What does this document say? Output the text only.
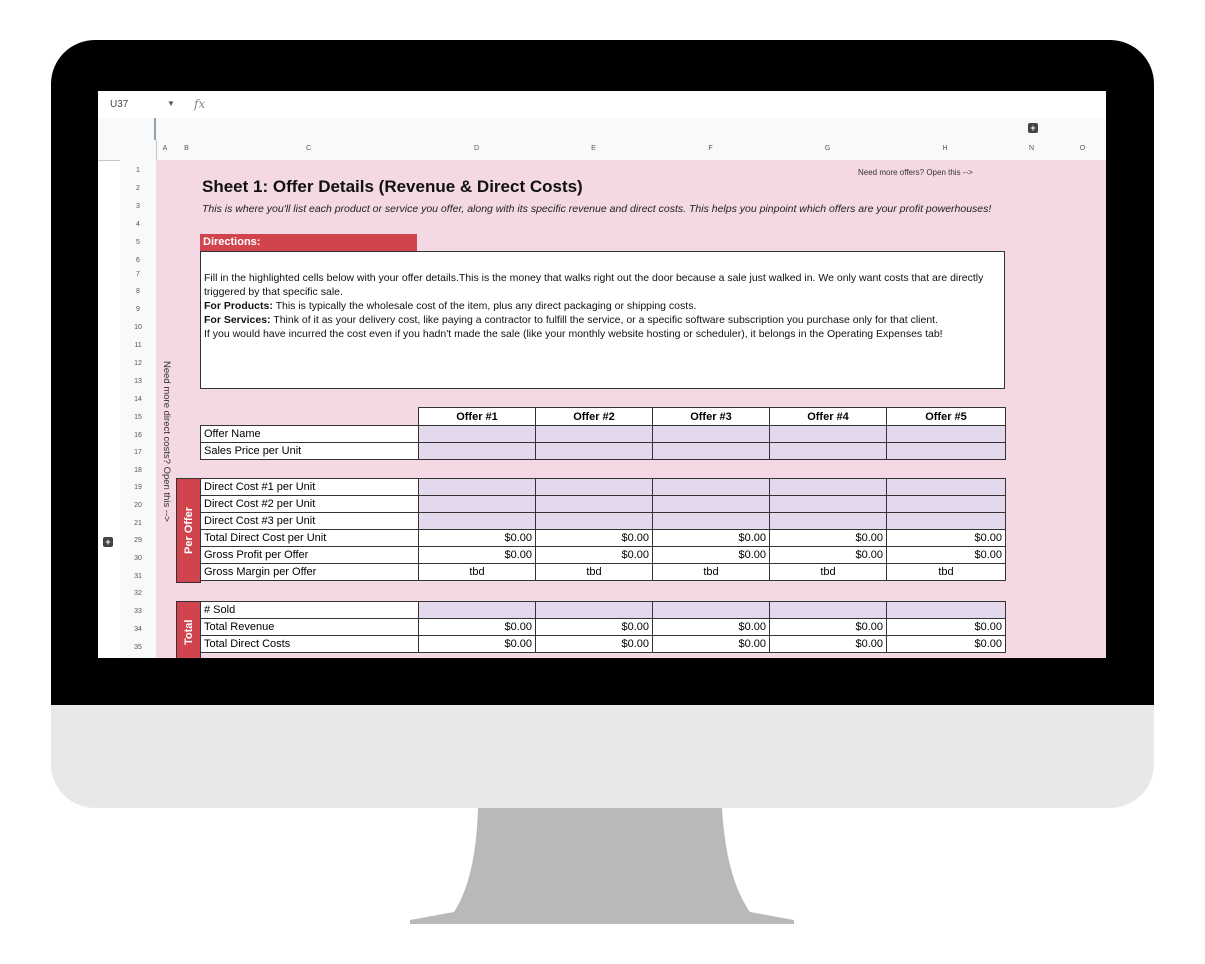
U37	▼ fx
+
A	B	C	D	E	F	G	H	N	O
+
1
2
3
4
5
6
7
8
9
10
11
12
13
14
15
16
17
18
19
20
21
29
30
31
32
33
34
35
Need more offers? Open this -->
Need more direct costs? Open this -->
Sheet 1: Offer Details (Revenue & Direct Costs)
This is where you'll list each product or service you offer, along with its specific revenue and direct costs. This helps you pinpoint which offers are your profit powerhouses!
Directions:

Fill in the highlighted cells below with your offer details.This is the money that walks right out the door because a sale just walked in. We only want costs that are directly triggered by that specific sale.

For Products: This is typically the wholesale cost of the item, plus any direct packaging or shipping costs.

For Services: Think of it as your delivery cost, like paying a contractor to fulfill the service, or a specific software subscription you purchase only for that client.

If you would have incurred the cost even if you hadn't made the sale (like your monthly website hosting or scheduler), it belongs in the Operating Expenses tab!

	Offer #1	Offer #2	Offer #3	Offer #4	Offer #5
Offer Name					
Sales Price per Unit					
Per Offer
Direct Cost #1 per Unit					
Direct Cost #2 per Unit					
Direct Cost #3 per Unit					
Total Direct Cost per Unit	$0.00	$0.00	$0.00	$0.00	$0.00
Gross Profit per Offer	$0.00	$0.00	$0.00	$0.00	$0.00
Gross Margin per Offer	tbd	tbd	tbd	tbd	tbd
Total
# Sold					
Total Revenue	$0.00	$0.00	$0.00	$0.00	$0.00
Total Direct Costs	$0.00	$0.00	$0.00	$0.00	$0.00
